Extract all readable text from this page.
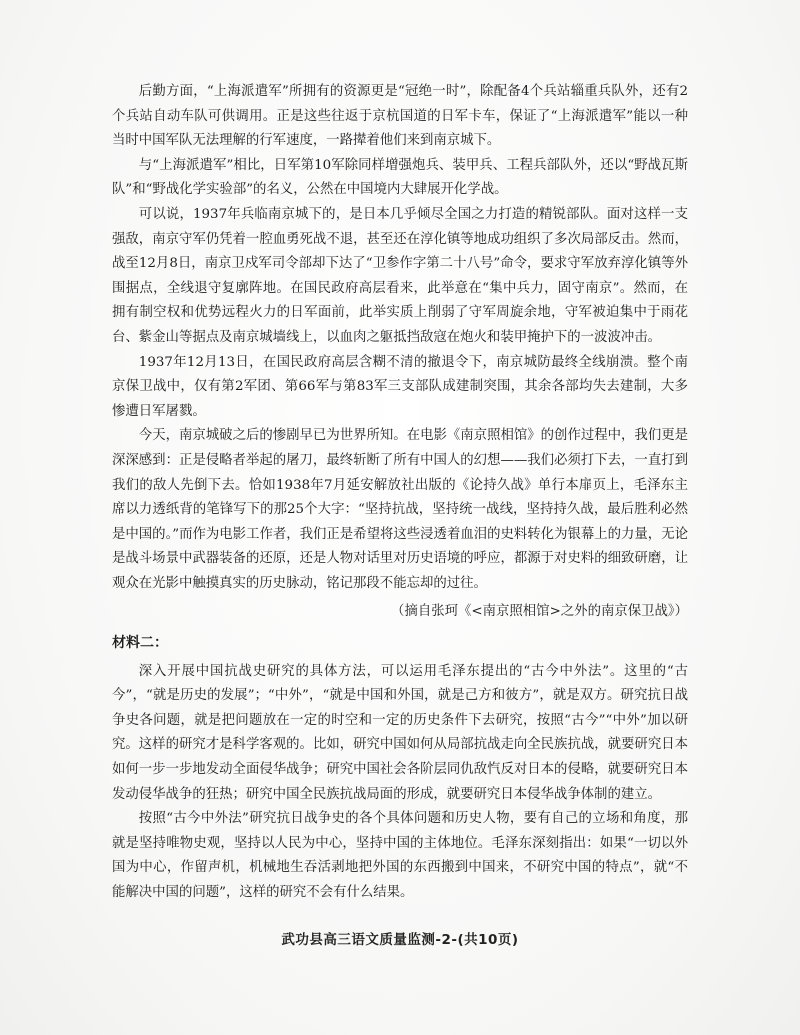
后勤方面，“上海派遣军”所拥有的资源更是“冠绝一时”，除配备4个兵站辎重兵队外，还有2个兵站自动车队可供调用。正是这些往返于京杭国道的日军卡车，保证了“上海派遣军”能以一种当时中国军队无法理解的行军速度，一路撵着他们来到南京城下。

与“上海派遣军”相比，日军第10军除同样增强炮兵、装甲兵、工程兵部队外，还以“野战瓦斯队”和“野战化学实验部”的名义，公然在中国境内大肆展开化学战。

可以说，1937年兵临南京城下的，是日本几乎倾尽全国之力打造的精锐部队。面对这样一支强敌，南京守军仍凭着一腔血勇死战不退，甚至还在淳化镇等地成功组织了多次局部反击。然而，战至12月8日，南京卫戍军司令部却下达了“卫参作字第二十八号”命令，要求守军放弃淳化镇等外围据点，全线退守复廓阵地。在国民政府高层看来，此举意在“集中兵力，固守南京”。然而，在拥有制空权和优势远程火力的日军面前，此举实质上削弱了守军周旋余地，守军被迫集中于雨花台、紫金山等据点及南京城墙线上，以血肉之躯抵挡敌寇在炮火和装甲掩护下的一波波冲击。

1937年12月13日，在国民政府高层含糊不清的撤退令下，南京城防最终全线崩溃。整个南京保卫战中，仅有第2军团、第66军与第83军三支部队成建制突围，其余各部均失去建制，大多惨遭日军屠戮。

今天，南京城破之后的惨剧早已为世界所知。在电影《南京照相馆》的创作过程中，我们更是深深感到：正是侵略者举起的屠刀，最终斩断了所有中国人的幻想——我们必须打下去，一直打到我们的敌人先倒下去。恰如1938年7月延安解放社出版的《论持久战》单行本扉页上，毛泽东主席以力透纸背的笔锋写下的那25个大字：“坚持抗战，坚持统一战线，坚持持久战，最后胜利必然是中国的。”而作为电影工作者，我们正是希望将这些浸透着血泪的史料转化为银幕上的力量，无论是战斗场景中武器装备的还原，还是人物对话里对历史语境的呼应，都源于对史料的细致研磨，让观众在光影中触摸真实的历史脉动，铭记那段不能忘却的过往。

（摘自张珂《<南京照相馆>之外的南京保卫战》）

材料二：

深入开展中国抗战史研究的具体方法，可以运用毛泽东提出的“古今中外法”。这里的“古今”，“就是历史的发展”；“中外”，“就是中国和外国，就是己方和彼方”，就是双方。研究抗日战争史各问题，就是把问题放在一定的时空和一定的历史条件下去研究，按照“古今”“中外”加以研究。这样的研究才是科学客观的。比如，研究中国如何从局部抗战走向全民族抗战，就要研究日本如何一步一步地发动全面侵华战争；研究中国社会各阶层同仇敌忾反对日本的侵略，就要研究日本发动侵华战争的狂热；研究中国全民族抗战局面的形成，就要研究日本侵华战争体制的建立。

按照“古今中外法”研究抗日战争史的各个具体问题和历史人物，要有自己的立场和角度，那就是坚持唯物史观，坚持以人民为中心，坚持中国的主体地位。毛泽东深刻指出：如果“一切以外国为中心，作留声机，机械地生吞活剥地把外国的东西搬到中国来，不研究中国的特点”，就“不能解决中国的问题”，这样的研究不会有什么结果。

武功县高三语文质量监测-2-(共10页)
